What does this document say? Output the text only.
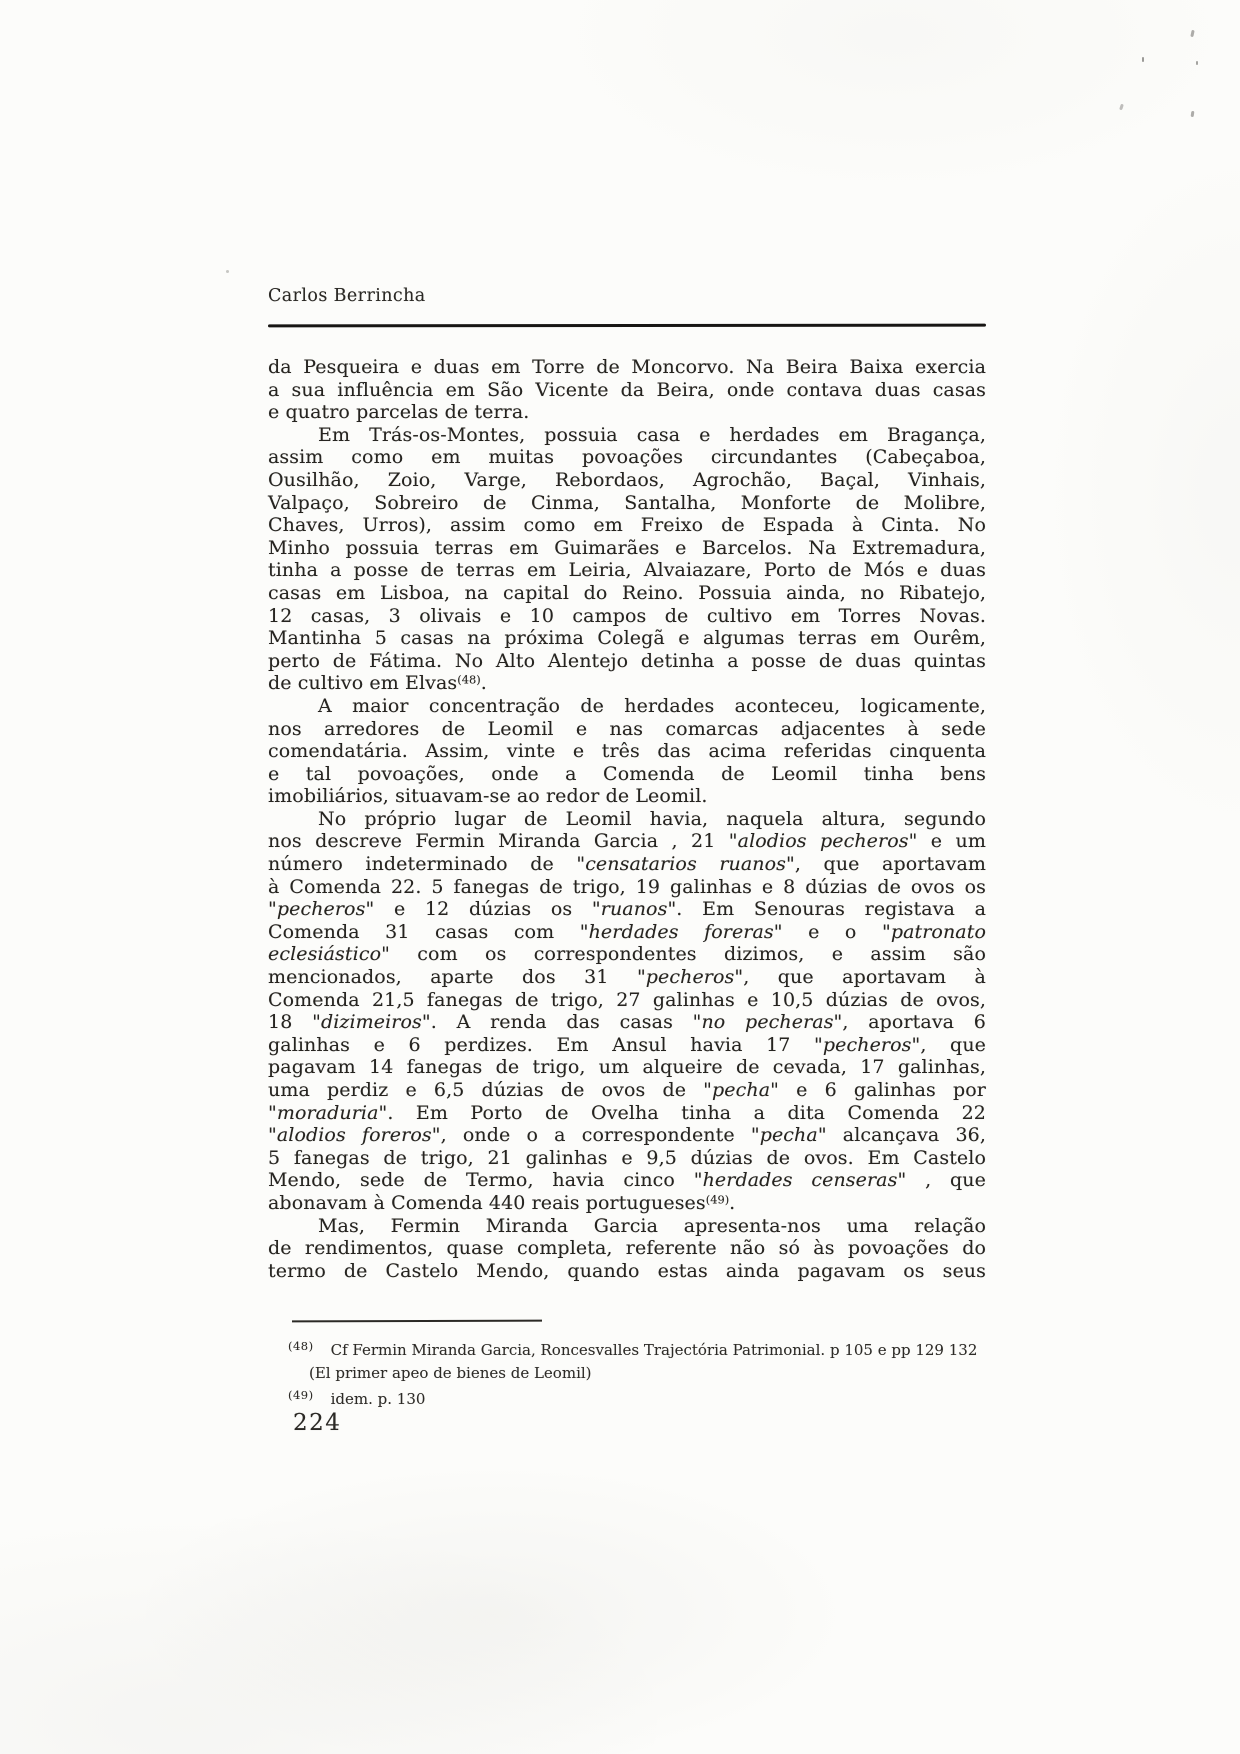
Carlos Berrincha
da Pesqueira e duas em Torre de Moncorvo. Na Beira Baixa exercia
a sua influência em São Vicente da Beira, onde contava duas casas
e quatro parcelas de terra.
Em Trás-os-Montes, possuia casa e herdades em Bragança,
assim como em muitas povoações circundantes (Cabeçaboa,
Ousilhão, Zoio, Varge, Rebordaos, Agrochão, Baçal, Vinhais,
Valpaço, Sobreiro de Cinma, Santalha, Monforte de Molibre,
Chaves, Urros), assim como em Freixo de Espada à Cinta. No
Minho possuia terras em Guimarães e Barcelos. Na Extremadura,
tinha a posse de terras em Leiria, Alvaiazare, Porto de Mós e duas
casas em Lisboa, na capital do Reino. Possuia ainda, no Ribatejo,
12 casas, 3 olivais e 10 campos de cultivo em Torres Novas.
Mantinha 5 casas na próxima Colegã e algumas terras em Ourêm,
perto de Fátima. No Alto Alentejo detinha a posse de duas quintas
de cultivo em Elvas$^{(48)}$.
A maior concentração de herdades aconteceu, logicamente,
nos arredores de Leomil e nas comarcas adjacentes à sede
comendatária. Assim, vinte e três das acima referidas cinquenta
e tal povoações, onde a Comenda de Leomil tinha bens
imobiliários, situavam-se ao redor de Leomil.
No próprio lugar de Leomil havia, naquela altura, segundo
nos descreve Fermin Miranda Garcia , 21 "alodios pecheros" e um
número indeterminado de "censatarios ruanos", que aportavam
à Comenda 22. 5 fanegas de trigo, 19 galinhas e 8 dúzias de ovos os
"pecheros" e 12 dúzias os "ruanos". Em Senouras registava a
Comenda 31 casas com "herdades foreras" e o "patronato
eclesiástico" com os correspondentes dizimos, e assim são
mencionados, aparte dos 31 "pecheros", que aportavam à
Comenda 21,5 fanegas de trigo, 27 galinhas e 10,5 dúzias de ovos,
18 "dizimeiros". A renda das casas "no pecheras", aportava 6
galinhas e 6 perdizes. Em Ansul havia 17 "pecheros", que
pagavam 14 fanegas de trigo, um alqueire de cevada, 17 galinhas,
uma perdiz e 6,5 dúzias de ovos de "pecha" e 6 galinhas por
"moraduria". Em Porto de Ovelha tinha a dita Comenda 22
"alodios foreros", onde o a correspondente "pecha" alcançava 36,
5 fanegas de trigo, 21 galinhas e 9,5 dúzias de ovos. Em Castelo
Mendo, sede de Termo, havia cinco "herdades censeras" , que
abonavam à Comenda 440 reais portugueses$^{(49)}$.
Mas, Fermin Miranda Garcia apresenta-nos uma relação
de rendimentos, quase completa, referente não só às povoações do
termo de Castelo Mendo, quando estas ainda pagavam os seus
$^{(48)}$ Cf Fermin Miranda Garcia, Roncesvalles Trajectória Patrimonial. p 105 e pp 129 132
(El primer apeo de bienes de Leomil)
$^{(49)}$ idem. p. 130
224
